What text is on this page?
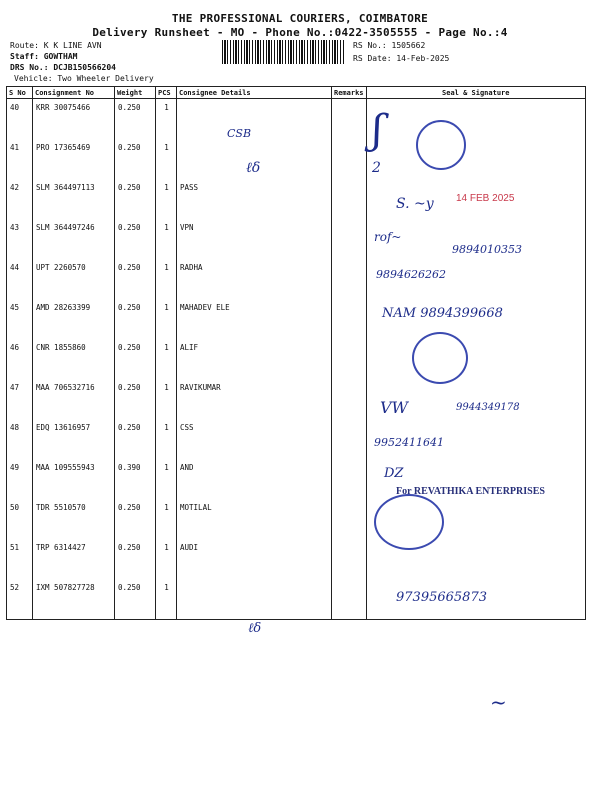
THE PROFESSIONAL COURIERS, COIMBATORE
Delivery Runsheet - MO - Phone No.:0422-3505555 - Page No.:4
Route: K K LINE AVN
Staff: GOWTHAM
DRS No.: DCJB150566204
Vehicle: Two Wheeler Delivery
RS No.: 1505662
RS Date: 14-Feb-2025
S No	Consignment No	Weight	PCS	Consignee Details	Remarks	Seal & Signature
40	KRR 30075466	0.250	1			
41	PRO 17365469	0.250	1			
42	SLM 364497113	0.250	1	PASS		
43	SLM 364497246	0.250	1	VPN		
44	UPT 2260570	0.250	1	RADHA		
45	AMD 28263399	0.250	1	MAHADEV ELE		
46	CNR 1855860	0.250	1	ALIF		
47	MAA 706532716	0.250	1	RAVIKUMAR		
48	EDQ 13616957	0.250	1	CSS		
49	MAA 109555943	0.390	1	AND		
50	TDR 5510570	0.250	1	MOTILAL		
51	TRP 6314427	0.250	1	AUDI		
52	IXM 507827728	0.250	1			
CSB
ℓδ
ʃ
2
S. ~y 14 FEB 2025
rof~
9894010353
9894626262
NAM 9894399668
VW	9944349178
9952411641
DZ
For REVATHIKA ENTERPRISES
ℓδ
97395665873
~
